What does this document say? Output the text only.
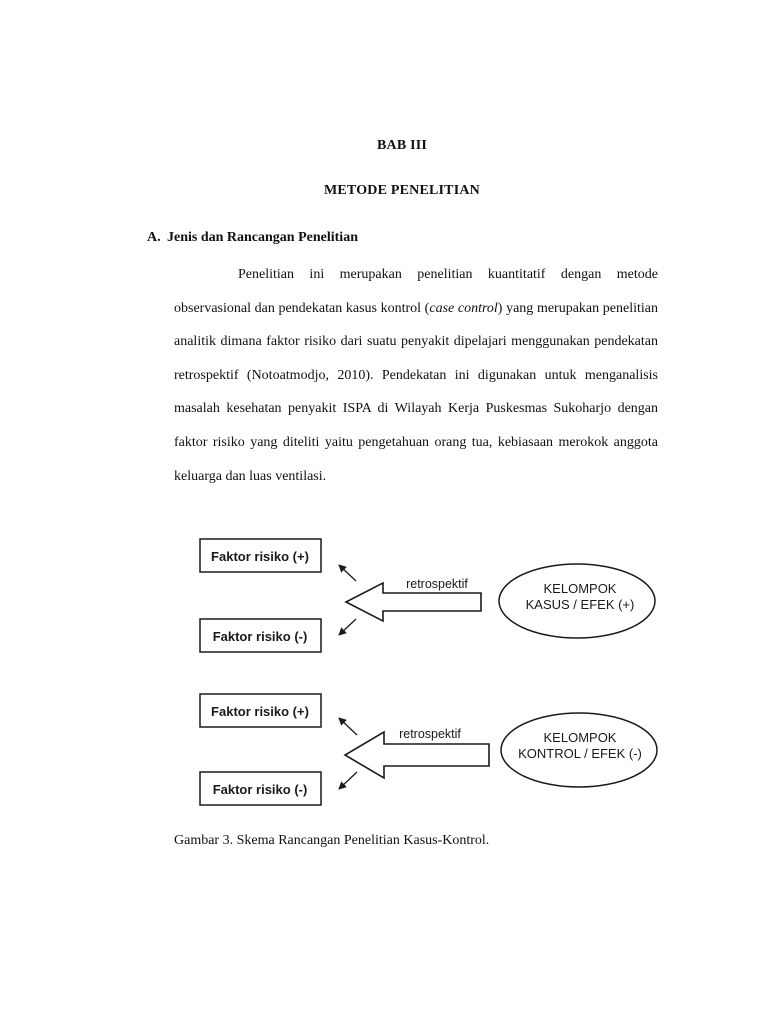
BAB III
METODE PENELITIAN
A. Jenis dan Rancangan Penelitian

Penelitian ini merupakan penelitian kuantitatif dengan metode observasional dan pendekatan kasus kontrol (case control) yang merupakan penelitian analitik dimana faktor risiko dari suatu penyakit dipelajari menggunakan pendekatan retrospektif (Notoatmodjo, 2010). Pendekatan ini digunakan untuk menganalisis masalah kesehatan penyakit ISPA di Wilayah Kerja Puskesmas Sukoharjo dengan faktor risiko yang diteliti yaitu pengetahuan orang tua, kebiasaan merokok anggota keluarga dan luas ventilasi.

Faktor risiko (+)
Faktor risiko (-)
retrospektif	KELOMPOK
KASUS / EFEK (+)
Faktor risiko (+)
Faktor risiko (-)
retrospektif	KELOMPOK
KONTROL / EFEK (-)
Gambar 3. Skema Rancangan Penelitian Kasus-Kontrol.
